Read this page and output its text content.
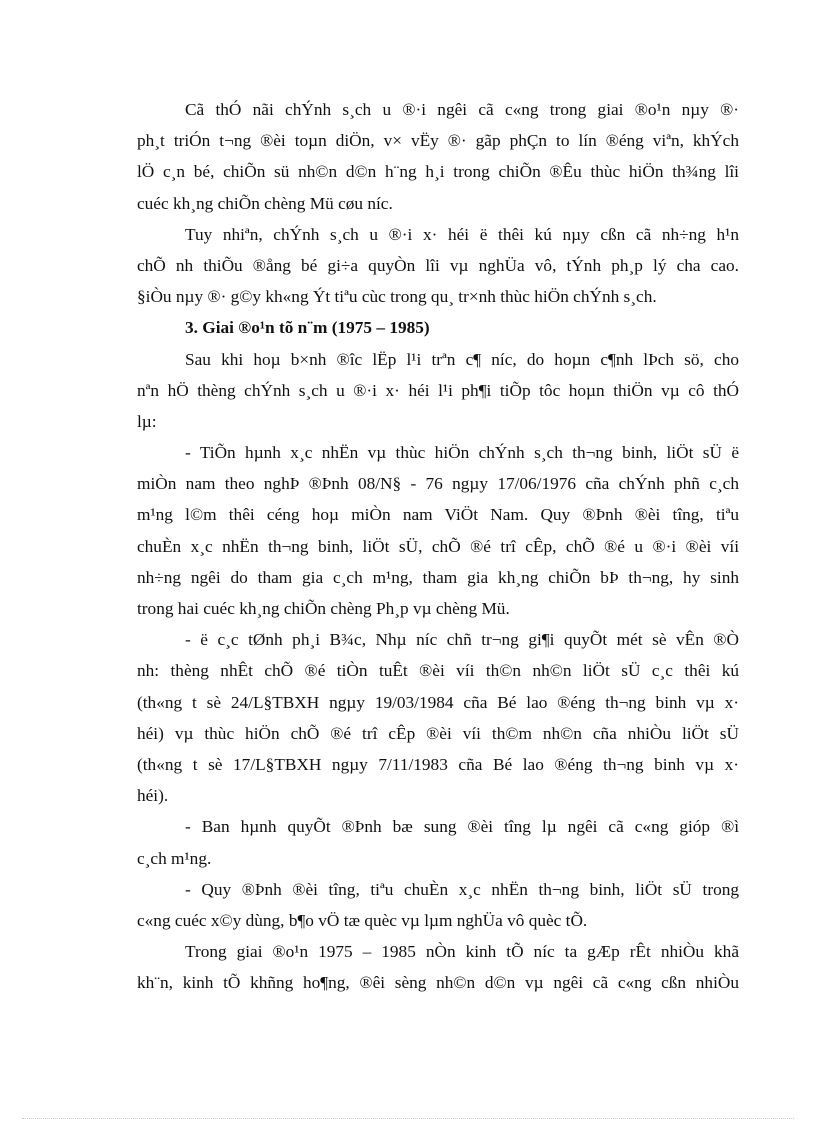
Cã thÓ nãi chÝnh s¸ch u ®·i ngêi cã c«ng trong giai ®o¹n nµy ®·
ph¸t triÓn t¬ng ®èi toµn diÖn, v× vËy ®· gãp phÇn to lín ®éng viªn, khÝch
lÖ c¸n bé, chiÕn sü nh©n d©n h¨ng h¸i trong chiÕn ®Êu thùc hiÖn th¾ng lîi
cuéc kh¸ng chiÕn chèng Mü cøu níc.
Tuy nhiªn, chÝnh s¸ch u ®·i x· héi ë thêi kú nµy cßn cã nh÷ng h¹n
chÕ nh thiÕu ®ång bé gi÷a quyÒn lîi vµ nghÜa vô, tÝnh ph¸p lý cha cao.
§iÒu nµy ®· g©y kh«ng Ýt tiªu cùc trong qu¸ tr×nh thùc hiÖn chÝnh s¸ch.
3. Giai ®o¹n tõ n¨m (1975 – 1985)
Sau khi hoµ b×nh ®îc lËp l¹i trªn c¶ níc, do hoµn c¶nh lÞch sö, cho
nªn hÖ thèng chÝnh s¸ch u ®·i x· héi l¹i ph¶i tiÕp tôc hoµn thiÖn vµ cô thÓ
lµ:
- TiÕn hµnh x¸c nhËn vµ thùc hiÖn chÝnh s¸ch th¬ng binh, liÖt sÜ ë
miÒn nam theo nghÞ ®Þnh 08/N§ - 76 ngµy 17/06/1976 cña chÝnh phñ c¸ch
m¹ng l©m thêi céng hoµ miÒn nam ViÖt Nam. Quy ®Þnh ®èi tîng, tiªu
chuÈn x¸c nhËn th¬ng binh, liÖt sÜ, chÕ ®é trî cÊp, chÕ ®é u ®·i ®èi víi
nh÷ng ngêi do tham gia c¸ch m¹ng, tham gia kh¸ng chiÕn bÞ th¬ng, hy sinh
trong hai cuéc kh¸ng chiÕn chèng Ph¸p vµ chèng Mü.
- ë c¸c tØnh ph¸i B¾c, Nhµ níc chñ tr¬ng gi¶i quyÕt mét sè vÊn ®Ò
nh: thèng nhÊt chÕ ®é tiÒn tuÊt ®èi víi th©n nh©n liÖt sÜ c¸c thêi kú
(th«ng t sè 24/L§TBXH ngµy 19/03/1984 cña Bé lao ®éng th¬ng binh vµ x·
héi) vµ thùc hiÖn chÕ ®é trî cÊp ®èi víi th©m nh©n cña nhiÒu liÖt sÜ
(th«ng t sè 17/L§TBXH ngµy 7/11/1983 cña Bé lao ®éng th¬ng binh vµ x·
héi).
- Ban hµnh quyÕt ®Þnh bæ sung ®èi tîng lµ ngêi cã c«ng gióp ®ì
c¸ch m¹ng.
- Quy ®Þnh ®èi tîng, tiªu chuÈn x¸c nhËn th¬ng binh, liÖt sÜ trong
c«ng cuéc x©y dùng, b¶o vÖ tæ quèc vµ lµm nghÜa vô quèc tÕ.
Trong giai ®o¹n 1975 – 1985 nÒn kinh tÕ níc ta gÆp rÊt nhiÒu khã
kh¨n, kinh tÕ khñng ho¶ng, ®êi sèng nh©n d©n vµ ngêi cã c«ng cßn nhiÒu
